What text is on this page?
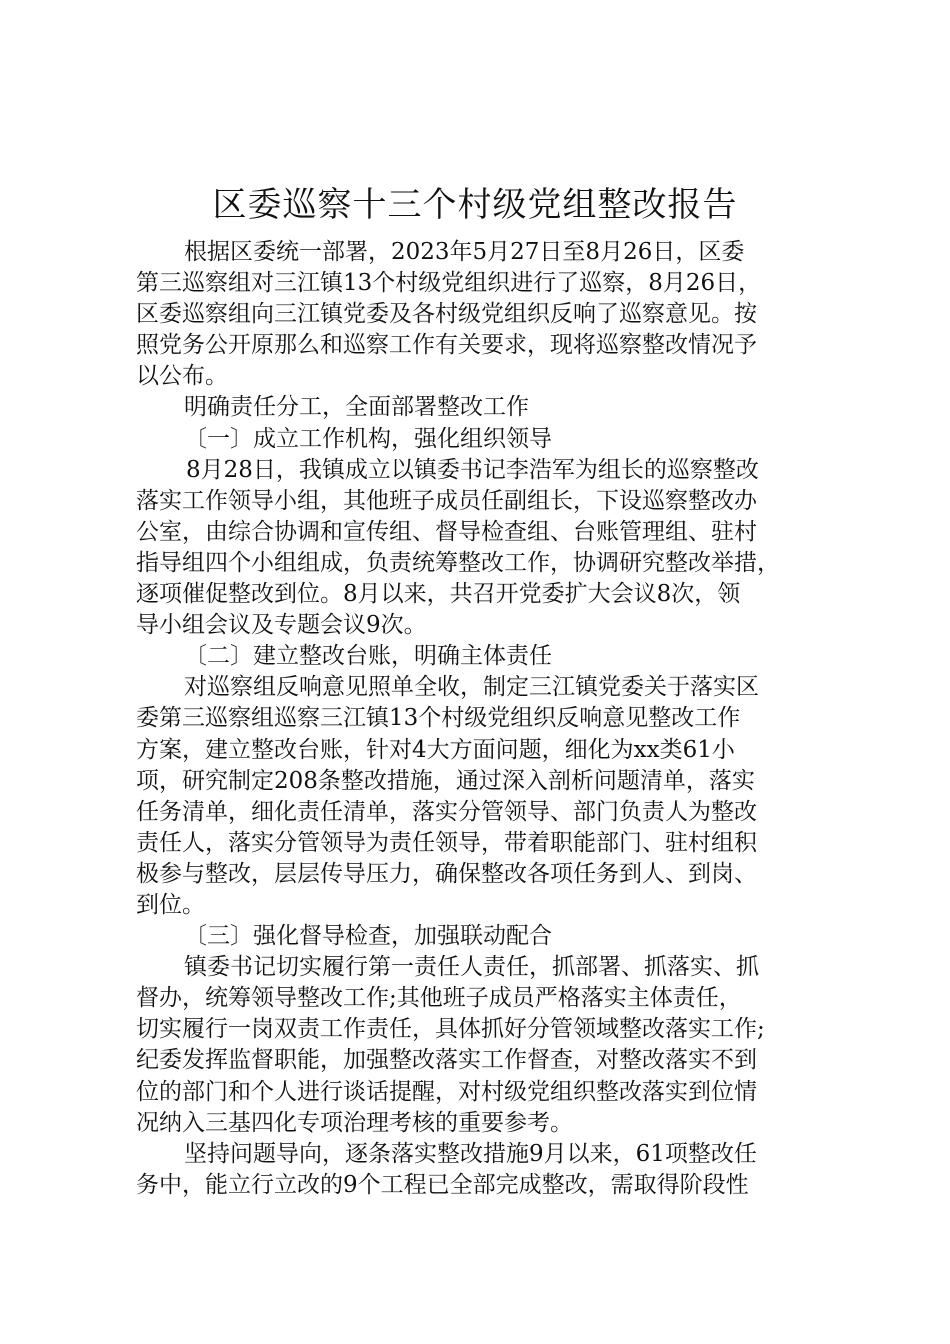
区委巡察十三个村级党组整改报告
根据区委统一部署，2023年5月27日至8月26日，区委
第三巡察组对三江镇13个村级党组织进行了巡察，8月26日，
区委巡察组向三江镇党委及各村级党组织反响了巡察意见。按
照党务公开原那么和巡察工作有关要求，现将巡察整改情况予
以公布。
明确责任分工，全面部署整改工作
〔一〕成立工作机构，强化组织领导
8月28日，我镇成立以镇委书记李浩军为组长的巡察整改
落实工作领导小组，其他班子成员任副组长，下设巡察整改办
公室，由综合协调和宣传组、督导检查组、台账管理组、驻村
指导组四个小组组成，负责统筹整改工作，协调研究整改举措，
逐项催促整改到位。8月以来，共召开党委扩大会议8次，领
导小组会议及专题会议9次。
〔二〕建立整改台账，明确主体责任
对巡察组反响意见照单全收，制定三江镇党委关于落实区
委第三巡察组巡察三江镇13个村级党组织反响意见整改工作
方案，建立整改台账，针对4大方面问题，细化为xx类61小
项，研究制定208条整改措施，通过深入剖析问题清单，落实
任务清单，细化责任清单，落实分管领导、部门负责人为整改
责任人，落实分管领导为责任领导，带着职能部门、驻村组积
极参与整改，层层传导压力，确保整改各项任务到人、到岗、
到位。
〔三〕强化督导检查，加强联动配合
镇委书记切实履行第一责任人责任，抓部署、抓落实、抓
督办，统筹领导整改工作;其他班子成员严格落实主体责任，
切实履行一岗双责工作责任，具体抓好分管领域整改落实工作;
纪委发挥监督职能，加强整改落实工作督查，对整改落实不到
位的部门和个人进行谈话提醒，对村级党组织整改落实到位情
况纳入三基四化专项治理考核的重要参考。
坚持问题导向，逐条落实整改措施9月以来，61项整改任
务中，能立行立改的9个工程已全部完成整改，需取得阶段性
